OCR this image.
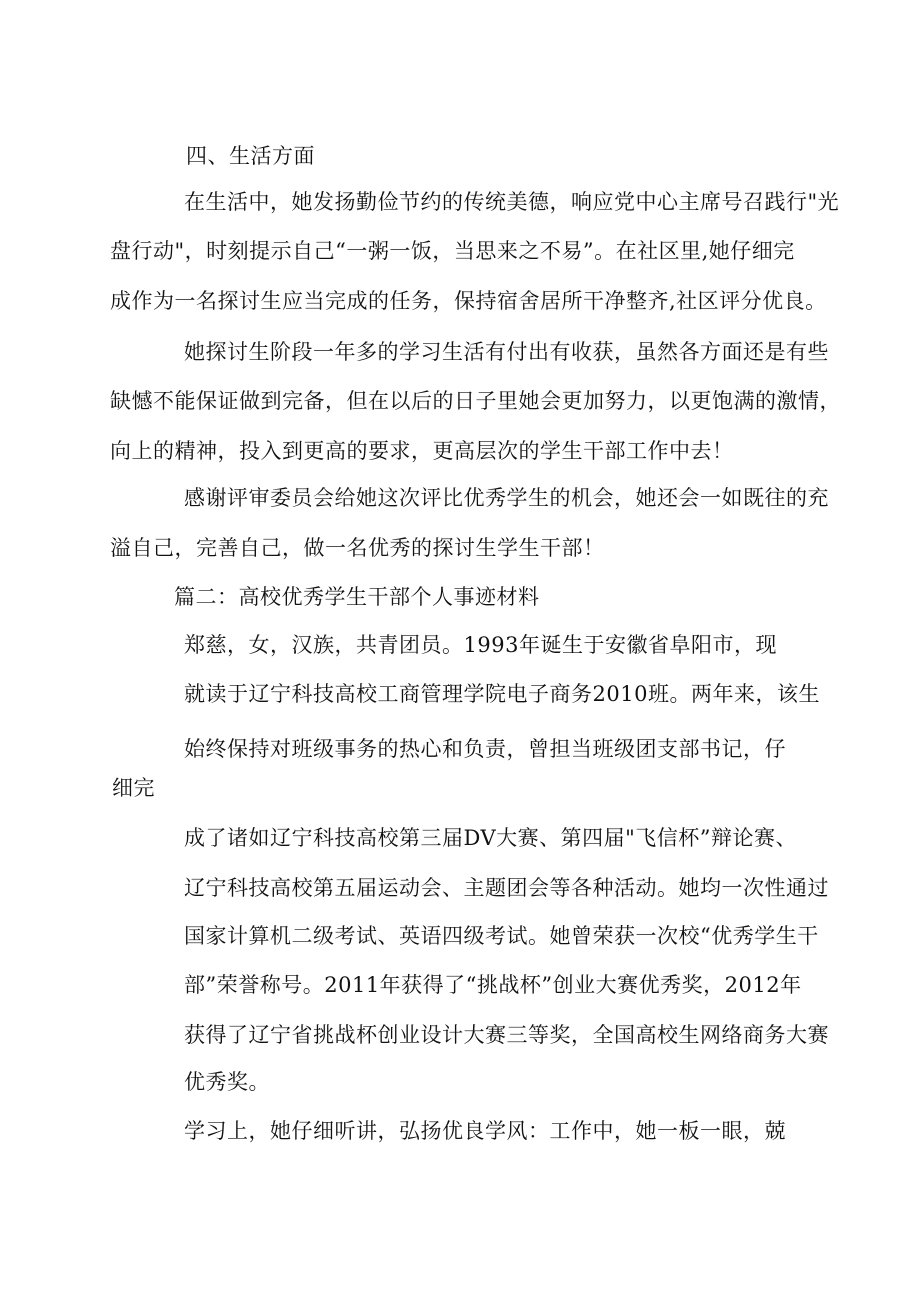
四、生活方面
在生活中，她发扬勤俭节约的传统美德，响应党中心主席号召践行"光
盘行动"，时刻提示自己“一粥一饭，当思来之不易”。在社区里,她仔细完
成作为一名探讨生应当完成的任务，保持宿舍居所干净整齐,社区评分优良。
她探讨生阶段一年多的学习生活有付出有收获，虽然各方面还是有些
缺憾不能保证做到完备，但在以后的日子里她会更加努力，以更饱满的激情，
向上的精神，投入到更高的要求，更高层次的学生干部工作中去！
感谢评审委员会给她这次评比优秀学生的机会，她还会一如既往的充
溢自己，完善自己，做一名优秀的探讨生学生干部！
篇二：高校优秀学生干部个人事迹材料
郑慈，女，汉族，共青团员。1993年诞生于安徽省阜阳市，现
就读于辽宁科技高校工商管理学院电子商务2010班。两年来，该生
始终保持对班级事务的热心和负责，曾担当班级团支部书记，仔
细完
成了诸如辽宁科技高校第三届DV大赛、第四届"飞信杯”辩论赛、
辽宁科技高校第五届运动会、主题团会等各种活动。她均一次性通过
国家计算机二级考试、英语四级考试。她曾荣获一次校“优秀学生干
部”荣誉称号。2011年获得了“挑战杯”创业大赛优秀奖，2012年
获得了辽宁省挑战杯创业设计大赛三等奖，全国高校生网络商务大赛
优秀奖。
学习上，她仔细听讲，弘扬优良学风：工作中，她一板一眼，兢
